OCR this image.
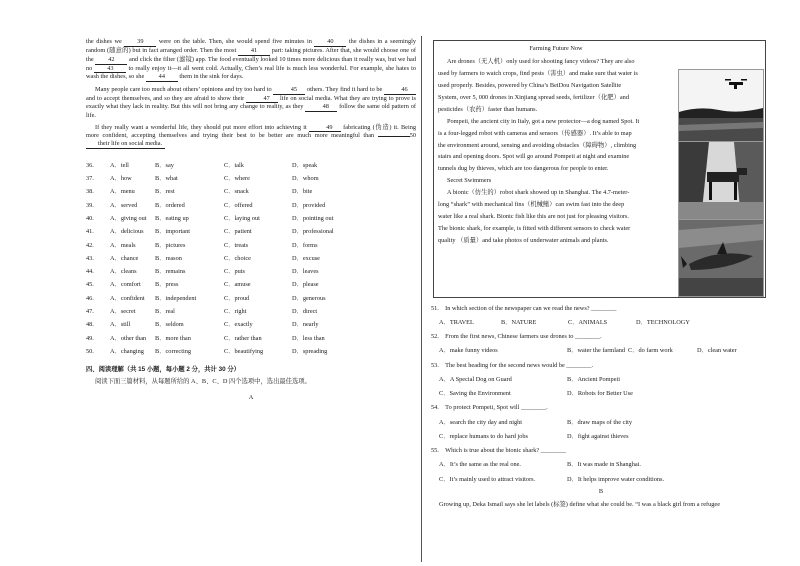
the dishes we 39 were on the table. Then, she would spend five minutes in 40 the dishes in a seemingly random (随意的) but in fact arranged order. Then the most 41 part: taking pictures. After that, she would choose one of the 42 and click the filter (滤镜) app. The food eventually looked 10 times more delicious than it really was, but we had no 43 to really enjoy it—it all went cold. Actually, Chen’s real life is much less wonderful. For example, she hates to wash the dishes, so she 44 them in the sink for days.

Many people care too much about others’ opinions and try too hard to	45 others. They find it hard to be	46 and to accept themselves, and so they are afraid to show their	47 life on social media. What they are trying to prove is exactly what they lack in reality. But this will not bring any change to reality, as they	48 follow the same old pattern of life.

If they really want a wonderful life, they should put more effort into achieving it	49 fabricating (伪造) it. Being more confident, accepting themselves and trying their best to be better are much more meaningful than	50their life on social media.

36.	A．tell	B．say	C．talk	D．speak
37.	A．how	B．what	C．where	D．whom
38.	A．menu	B．rest	C．snack	D．bite
39.	A．served	B．ordered	C．offered	D．provided
40.	A．giving out	B．eating up	C．laying out	D．pointing out
41.	A．delicious	B．important	C．patient	D．professional
42.	A．meals	B．pictures	C．treats	D．forms
43.	A．chance	B．reason	C．choice	D．excuse
44.	A．cleans	B．remains	C．puts	D．leaves
45.	A．comfort	B．press	C．amuse	D．please
46.	A．confident	B．independent	C．proud	D．generous
47.	A．secret	B．real	C．right	D．direct
48.	A．still	B．seldom	C．exactly	D．nearly
49.	A．other than	B．more than	C．rather than	D．less than
50.	A．changing	B．correcting	C．beautifying	D．spreading

四、阅读理解（共 15 小题，每小题 2 分，共计 30 分）

阅读下面三篇材料，从每题所给的 A、B、C、D 四个选项中，选出最佳选项。

A

Farming Future Now

Are drones（无人机）only used for shooting fancy videos? They are also

used by farmers to watch crops, find pests（害虫）and make sure that water is

used properly. Besides, powered by China’s BeiDou Navigation Satellite

System, over 5, 000 drones in Xinjiang spread seeds, fertilizer（化肥）and

pesticides（农药）faster than humans.

Pompeii, the ancient city in Italy, got a new protector—a dog named Spot. It

is a four-legged robot with cameras and sensors（传感器）. It’s able to map

the environment around, sensing and avoiding obstacles（障碍物）, climbing

stairs and opening doors. Spot will go around Pompeii at night and examine

tunnels dug by thieves, which are too dangerous for people to enter.

Secret Swimmers

A bionic（仿生的）robot shark showed up in Shanghai. The 4.7-meter-

long “shark” with mechanical fins（机械鳍）can swim fast into the deep

water like a real shark. Bionic fish like this are not just for pleasing visitors.

The bionic shark, for example, is fitted with different sensors to check water

quality （质量）and take photos of underwater animals and plants.

51.　In which section of the newspaper can we read the news? ________
A．TRAVEL	B．NATURE	C．ANIMALS	D．TECHNOLOGY
52.　From the first news, Chinese farmers use drones to ________.
A．make funny videos	B．water the farmland C．do farm work	D．clean water
53.　The best heading for the second news would be ________.
A．A Special Dog on Guard	B．Ancient Pompeii
C．Saving the Environment	D．Robots for Better Use
54.　To protect Pompeii, Spot will ________.
A．search the city day and night	B．draw maps of the city
C．replace humans to do hard jobs	D．fight against thieves
55.　Which is true about the bionic shark? ________
A．It’s the same as the real one.	B．It was made in Shanghai.
C．It’s mainly used to attract visitors.	D．It helps improve water conditions.

B

Growing up, Deka Ismail says she let labels (标签) define what she could be. “I was a black girl from a refugee
